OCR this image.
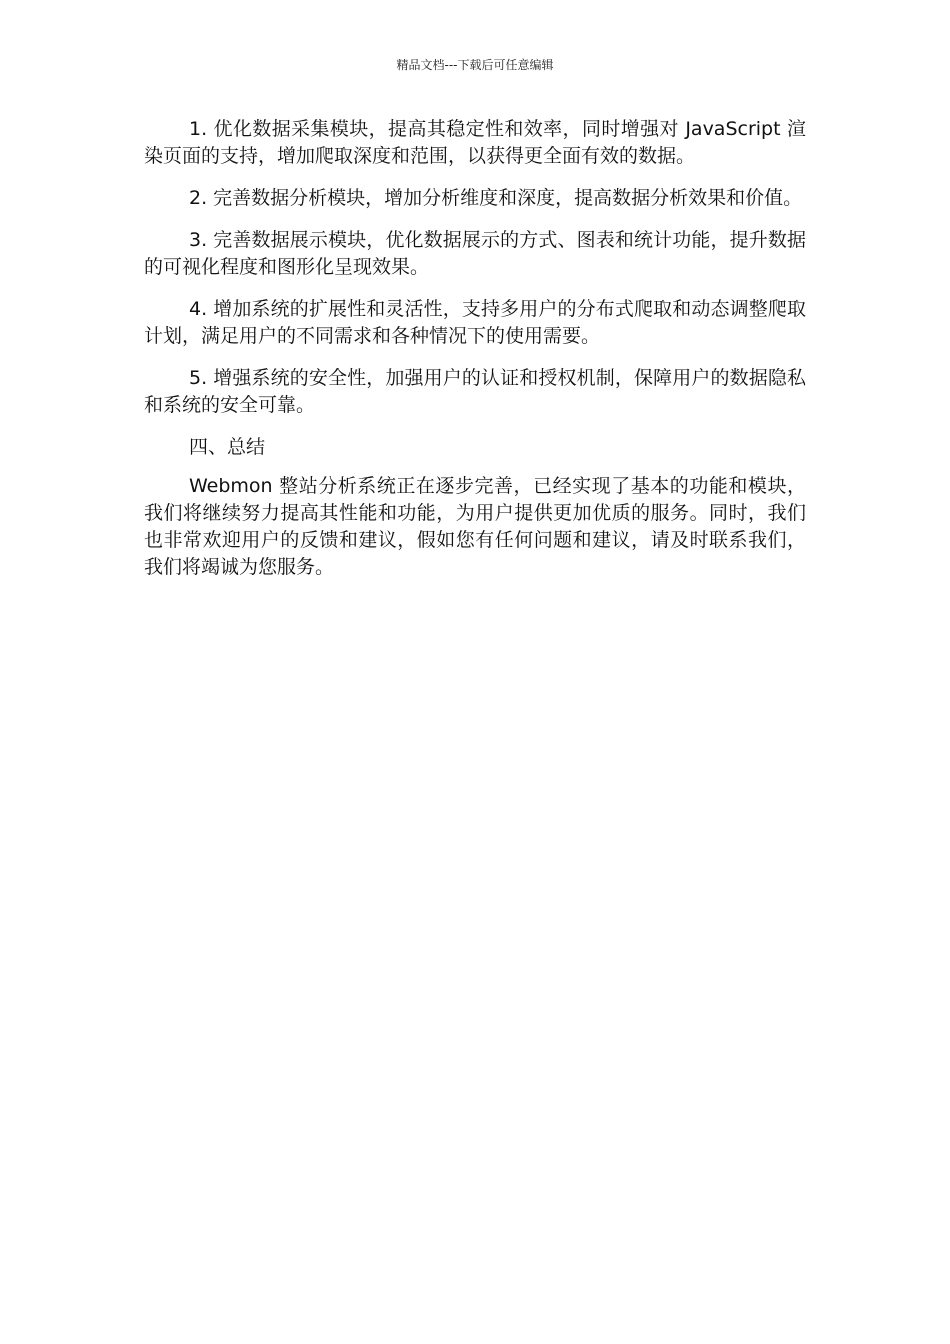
精品文档---下载后可任意编辑

1. 优化数据采集模块，提高其稳定性和效率，同时增强对 JavaScript 渲染页面的支持，增加爬取深度和范围，以获得更全面有效的数据。

2. 完善数据分析模块，增加分析维度和深度，提高数据分析效果和价值。

3. 完善数据展示模块，优化数据展示的方式、图表和统计功能，提升数据的可视化程度和图形化呈现效果。

4. 增加系统的扩展性和灵活性，支持多用户的分布式爬取和动态调整爬取计划，满足用户的不同需求和各种情况下的使用需要。

5. 增强系统的安全性，加强用户的认证和授权机制，保障用户的数据隐私和系统的安全可靠。

四、总结

Webmon 整站分析系统正在逐步完善，已经实现了基本的功能和模块，我们将继续努力提高其性能和功能，为用户提供更加优质的服务。同时，我们也非常欢迎用户的反馈和建议，假如您有任何问题和建议，请及时联系我们，我们将竭诚为您服务。
